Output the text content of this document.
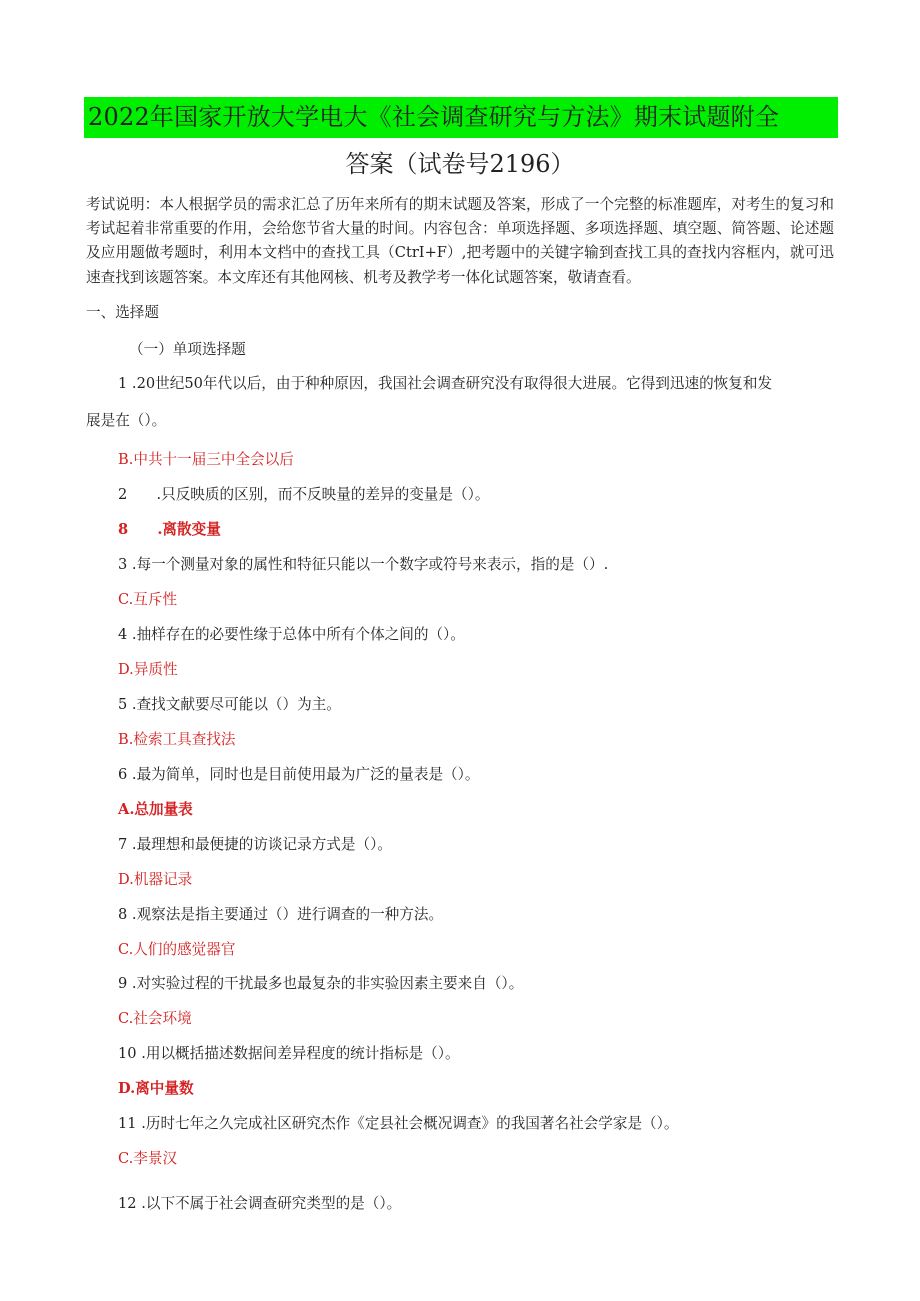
2022年国家开放大学电大《社会调查研究与方法》期末试题附全
答案（试卷号2196）
考试说明：本人根据学员的需求汇总了历年来所有的期末试题及答案，形成了一个完整的标准题库，对考生的复习和考试起着非常重要的作用，会给您节省大量的时间。内容包含：单项选择题、多项选择题、填空题、简答题、论述题及应用题做考题时，利用本文档中的查找工具（CtrI+F）,把考题中的关键字输到查找工具的查找内容框内，就可迅速查找到该题答案。本文库还有其他网核、机考及教学考一体化试题答案，敬请查看。
一、选择题
（一）单项选择题
1 .20世纪50年代以后，由于种种原因，我国社会调查研究没有取得很大进展。它得到迅速的恢复和发
展是在（）。
B.中共十一届三中全会以后
2　　.只反映质的区别，而不反映量的差异的变量是（）。
8　　.离散变量
3 .每一个测量对象的属性和特征只能以一个数字或符号来表示，指的是（）.
C.互斥性
4 .抽样存在的必要性缘于总体中所有个体之间的（）。
D.异质性
5 .查找文献要尽可能以（）为主。
B.检索工具查找法
6 .最为简单，同时也是目前使用最为广泛的量表是（）。
A.总加量表
7 .最理想和最便捷的访谈记录方式是（）。
D.机器记录
8 .观察法是指主要通过（）进行调查的一种方法。
C.人们的感觉器官
9 .对实验过程的干扰最多也最复杂的非实验因素主要来自（）。
C.社会环境
10 .用以概括描述数据间差异程度的统计指标是（）。
D.离中量数
11 .历时七年之久完成社区研究杰作《定县社会概况调查》的我国著名社会学家是（）。
C.李景汉
12 .以下不属于社会调查研究类型的是（）。
